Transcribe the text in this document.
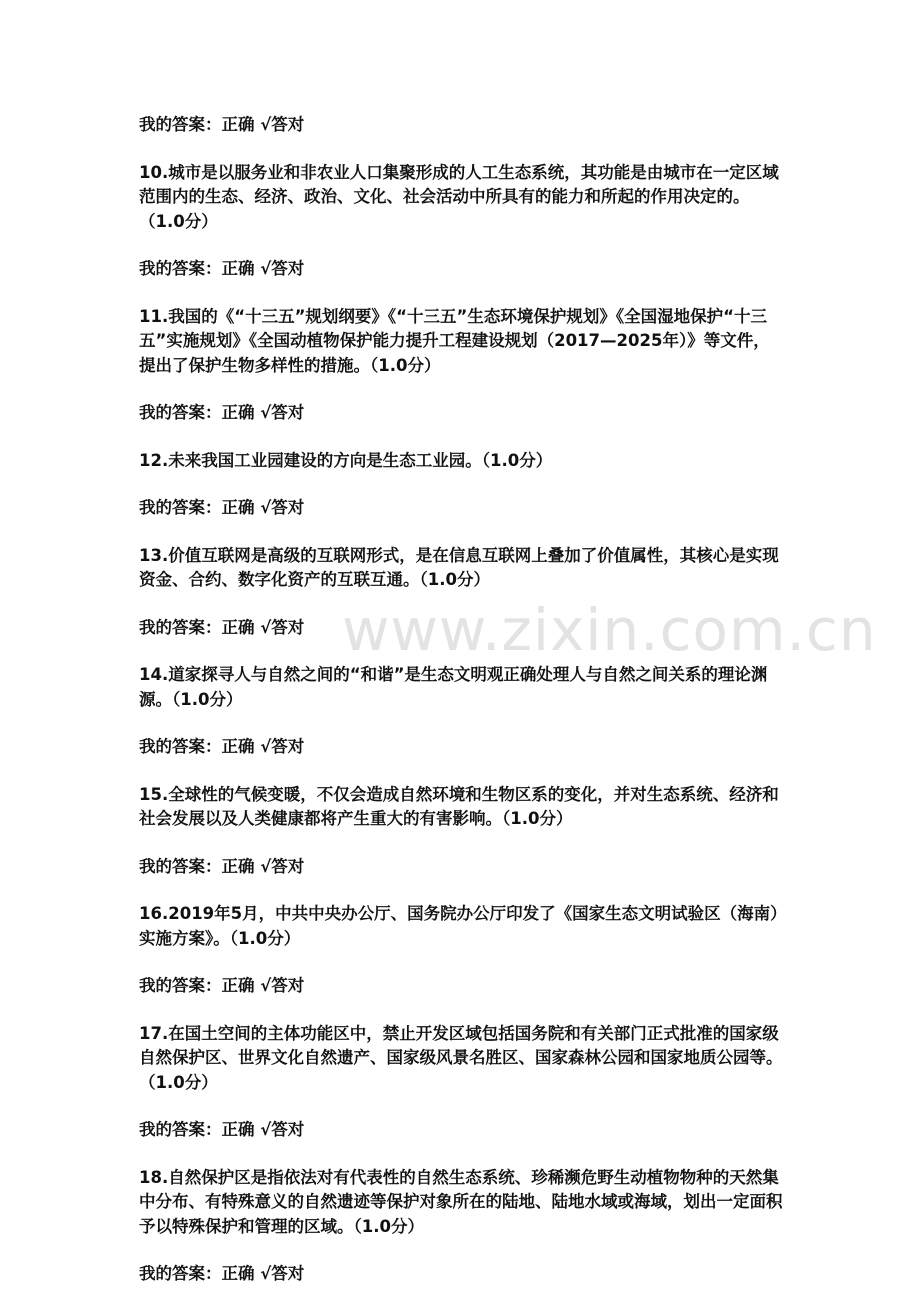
www.zixin.com.cn

我的答案：正确 √答对

10.城市是以服务业和非农业人口集聚形成的人工生态系统，其功能是由城市在一定区域范围内的生态、经济、政治、文化、社会活动中所具有的能力和所起的作用决定的。（1.0分）

我的答案：正确 √答对

11.我国的《“十三五”规划纲要》《“十三五”生态环境保护规划》《全国湿地保护“十三五”实施规划》《全国动植物保护能力提升工程建设规划（2017—2025年）》等文件，提出了保护生物多样性的措施。（1.0分）

我的答案：正确 √答对

12.未来我国工业园建设的方向是生态工业园。（1.0分）

我的答案：正确 √答对

13.价值互联网是高级的互联网形式，是在信息互联网上叠加了价值属性，其核心是实现资金、合约、数字化资产的互联互通。（1.0分）

我的答案：正确 √答对

14.道家探寻人与自然之间的“和谐”是生态文明观正确处理人与自然之间关系的理论渊源。（1.0分）

我的答案：正确 √答对

15.全球性的气候变暖，不仅会造成自然环境和生物区系的变化，并对生态系统、经济和社会发展以及人类健康都将产生重大的有害影响。（1.0分）

我的答案：正确 √答对

16.2019年5月，中共中央办公厅、国务院办公厅印发了《国家生态文明试验区（海南）实施方案》。（1.0分）

我的答案：正确 √答对

17.在国土空间的主体功能区中，禁止开发区域包括国务院和有关部门正式批准的国家级自然保护区、世界文化自然遗产、国家级风景名胜区、国家森林公园和国家地质公园等。（1.0分）

我的答案：正确 √答对

18.自然保护区是指依法对有代表性的自然生态系统、珍稀濒危野生动植物物种的天然集中分布、有特殊意义的自然遗迹等保护对象所在的陆地、陆地水域或海域，划出一定面积予以特殊保护和管理的区域。（1.0分）

我的答案：正确 √答对
